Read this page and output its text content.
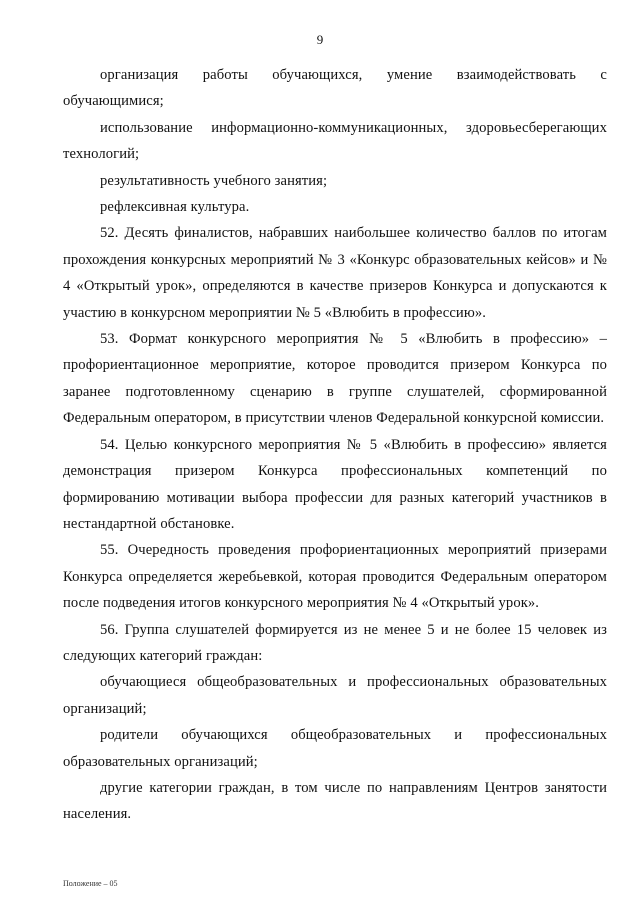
9

организация работы обучающихся, умение взаимодействовать с обучающимися;

использование информационно-коммуникационных, здоровьесберегающих технологий;

результативность учебного занятия;

рефлексивная культура.

52. Десять финалистов, набравших наибольшее количество баллов по итогам прохождения конкурсных мероприятий № 3 «Конкурс образовательных кейсов» и № 4 «Открытый урок», определяются в качестве призеров Конкурса и допускаются к участию в конкурсном мероприятии № 5 «Влюбить в профессию».

53. Формат конкурсного мероприятия № 5 «Влюбить в профессию» – профориентационное мероприятие, которое проводится призером Конкурса по заранее подготовленному сценарию в группе слушателей, сформированной Федеральным оператором, в присутствии членов Федеральной конкурсной комиссии.

54. Целью конкурсного мероприятия № 5 «Влюбить в профессию» является демонстрация призером Конкурса профессиональных компетенций по формированию мотивации выбора профессии для разных категорий участников в нестандартной обстановке.

55. Очередность проведения профориентационных мероприятий призерами Конкурса определяется жеребьевкой, которая проводится Федеральным оператором после подведения итогов конкурсного мероприятия № 4 «Открытый урок».

56. Группа слушателей формируется из не менее 5 и не более 15 человек из следующих категорий граждан:

обучающиеся общеобразовательных и профессиональных образовательных организаций;

родители обучающихся общеобразовательных и профессиональных образовательных организаций;

другие категории граждан, в том числе по направлениям Центров занятости населения.

Положение – 05
